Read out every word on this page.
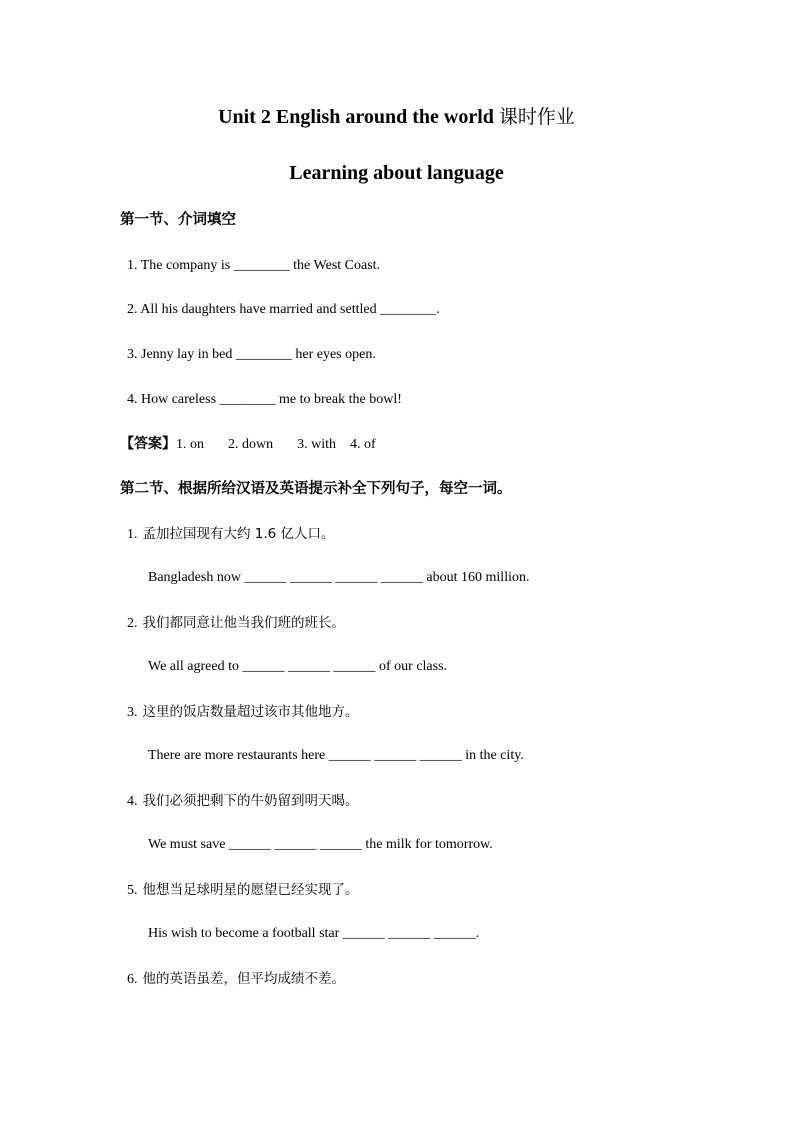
Unit 2 English around the world 课时作业
Learning about language
第一节、介词填空
1. The company is ________ the West Coast.
2. All his daughters have married and settled ________.
3. Jenny lay in bed ________ her eyes open.
4. How careless ________ me to break the bowl!
【答案】1. on 2. down 3. with 4. of
第二节、根据所给汉语及英语提示补全下列句子，每空一词。
1. 孟加拉国现有大约 1.6 亿人口。
Bangladesh now ______ ______ ______ ______ about 160 million.
2. 我们都同意让他当我们班的班长。
We all agreed to ______ ______ ______ of our class.
3. 这里的饭店数量超过该市其他地方。
There are more restaurants here ______ ______ ______ in the city.
4. 我们必须把剩下的牛奶留到明天喝。
We must save ______ ______ ______ the milk for tomorrow.
5. 他想当足球明星的愿望已经实现了。
His wish to become a football star ______ ______ ______.
6. 他的英语虽差，但平均成绩不差。
